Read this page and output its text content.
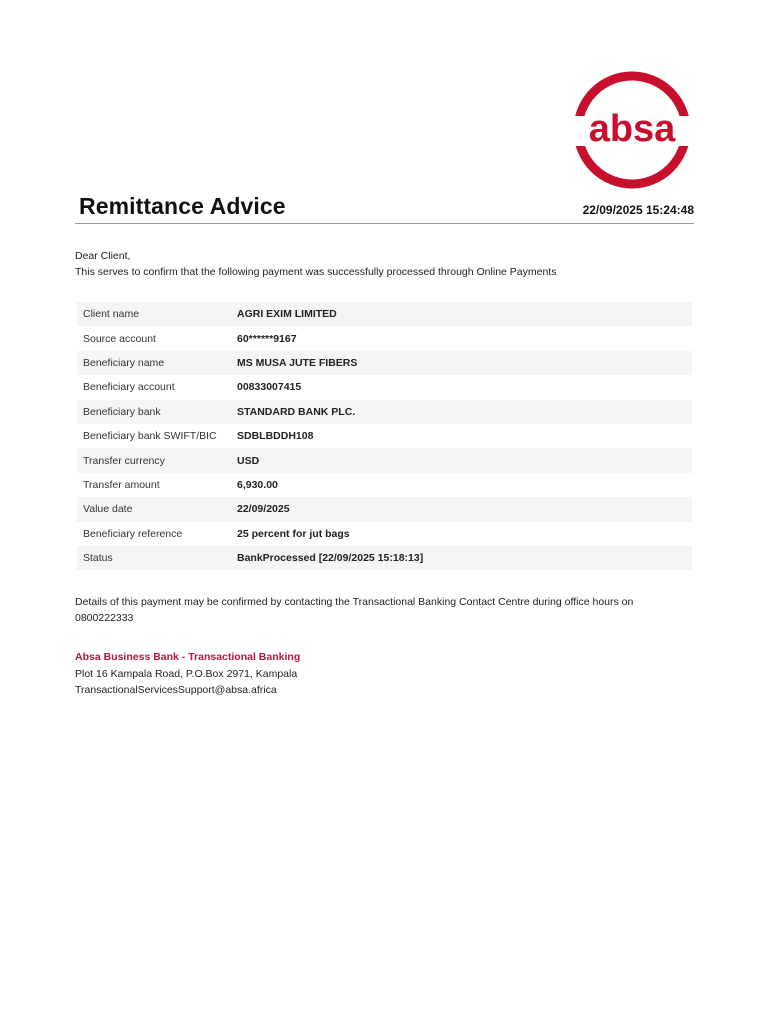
absa
Remittance Advice	22/09/2025 15:24:48

Dear Client,

This serves to confirm that the following payment was successfully processed through Online Payments

Client name	AGRI EXIM LIMITED
Source account	60******9167
Beneficiary name	MS MUSA JUTE FIBERS
Beneficiary account	00833007415
Beneficiary bank	STANDARD BANK PLC.
Beneficiary bank SWIFT/BIC	SDBLBDDH108
Transfer currency	USD
Transfer amount	6,930.00
Value date	22/09/2025
Beneficiary reference	25 percent for jut bags
Status	BankProcessed [22/09/2025 15:18:13]
Details of this payment may be confirmed by contacting the Transactional Banking Contact Centre during office hours on
0800222333
Absa Business Bank - Transactional Banking
Plot 16 Kampala Road, P.O.Box 2971, Kampala
TransactionalServicesSupport@absa.africa
